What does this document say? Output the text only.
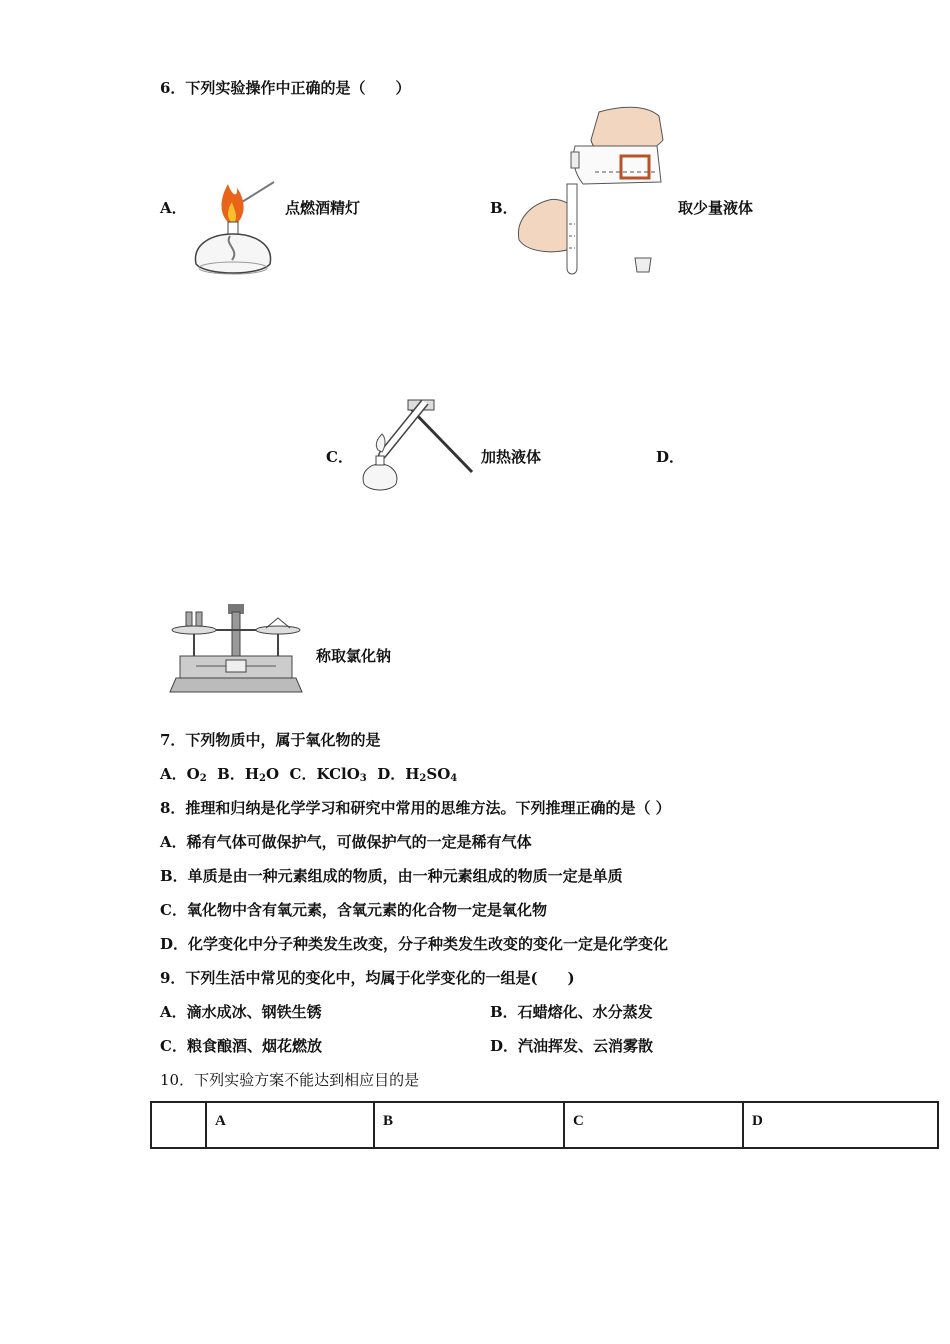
6．下列实验操作中正确的是（　　）
A．	点燃酒精灯	B．	取少量液体
C．	加热液体	D．
称取氯化钠
7．下列物质中，属于氧化物的是
A．$O_2$ B．$H_2O$ C．KClO$_3$ D．$H_2SO_4$
8．推理和归纳是化学学习和研究中常用的思维方法。下列推理正确的是（ ）
A．稀有气体可做保护气，可做保护气的一定是稀有气体
B．单质是由一种元素组成的物质，由一种元素组成的物质一定是单质
C．氧化物中含有氧元素，含氧元素的化合物一定是氧化物
D．化学变化中分子种类发生改变，分子种类发生改变的变化一定是化学变化
9．下列生活中常见的变化中，均属于化学变化的一组是(　　)
A．滴水成冰、钢铁生锈	B．石蜡熔化、水分蒸发
C．粮食酿酒、烟花燃放	D．汽油挥发、云消雾散
10．下列实验方案不能达到相应目的是
	A	B	C	D
